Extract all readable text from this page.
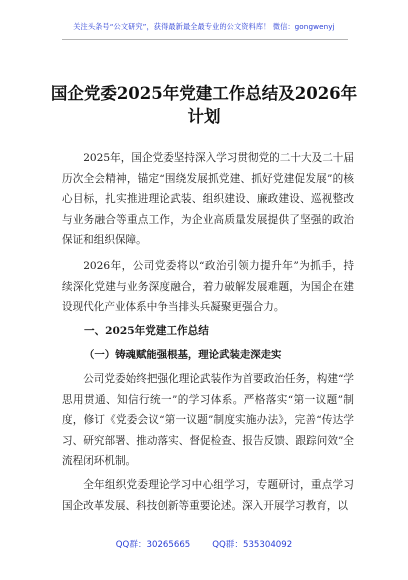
关注头条号“公文研究”，获得最新最全最专业的公文资料库！ 微信：gongwenyj
国企党委2025年党建工作总结及2026年计划

2025年，国企党委坚持深入学习贯彻党的二十大及二十届历次全会精神，锚定“围绕发展抓党建、抓好党建促发展”的核心目标，扎实推进理论武装、组织建设、廉政建设、巡视整改与业务融合等重点工作，为企业高质量发展提供了坚强的政治保证和组织保障。

2026年，公司党委将以“政治引领力提升年”为抓手，持续深化党建与业务深度融合，着力破解发展难题，为国企在建设现代化产业体系中争当排头兵凝聚更强合力。

一、2025年党建工作总结

（一）铸魂赋能强根基，理论武装走深走实

公司党委始终把强化理论武装作为首要政治任务，构建“学思用贯通、知信行统一”的学习体系。严格落实“第一议题”制度，修订《党委会议“第一议题”制度实施办法》，完善“传达学习、研究部署、推动落实、督促检查、报告反馈、跟踪问效”全流程闭环机制。

全年组织党委理论学习中心组学习，专题研讨，重点学习国企改革发展、科技创新等重要论述。深入开展学习教育，以

QQ群：30265665	QQ群：535304092
